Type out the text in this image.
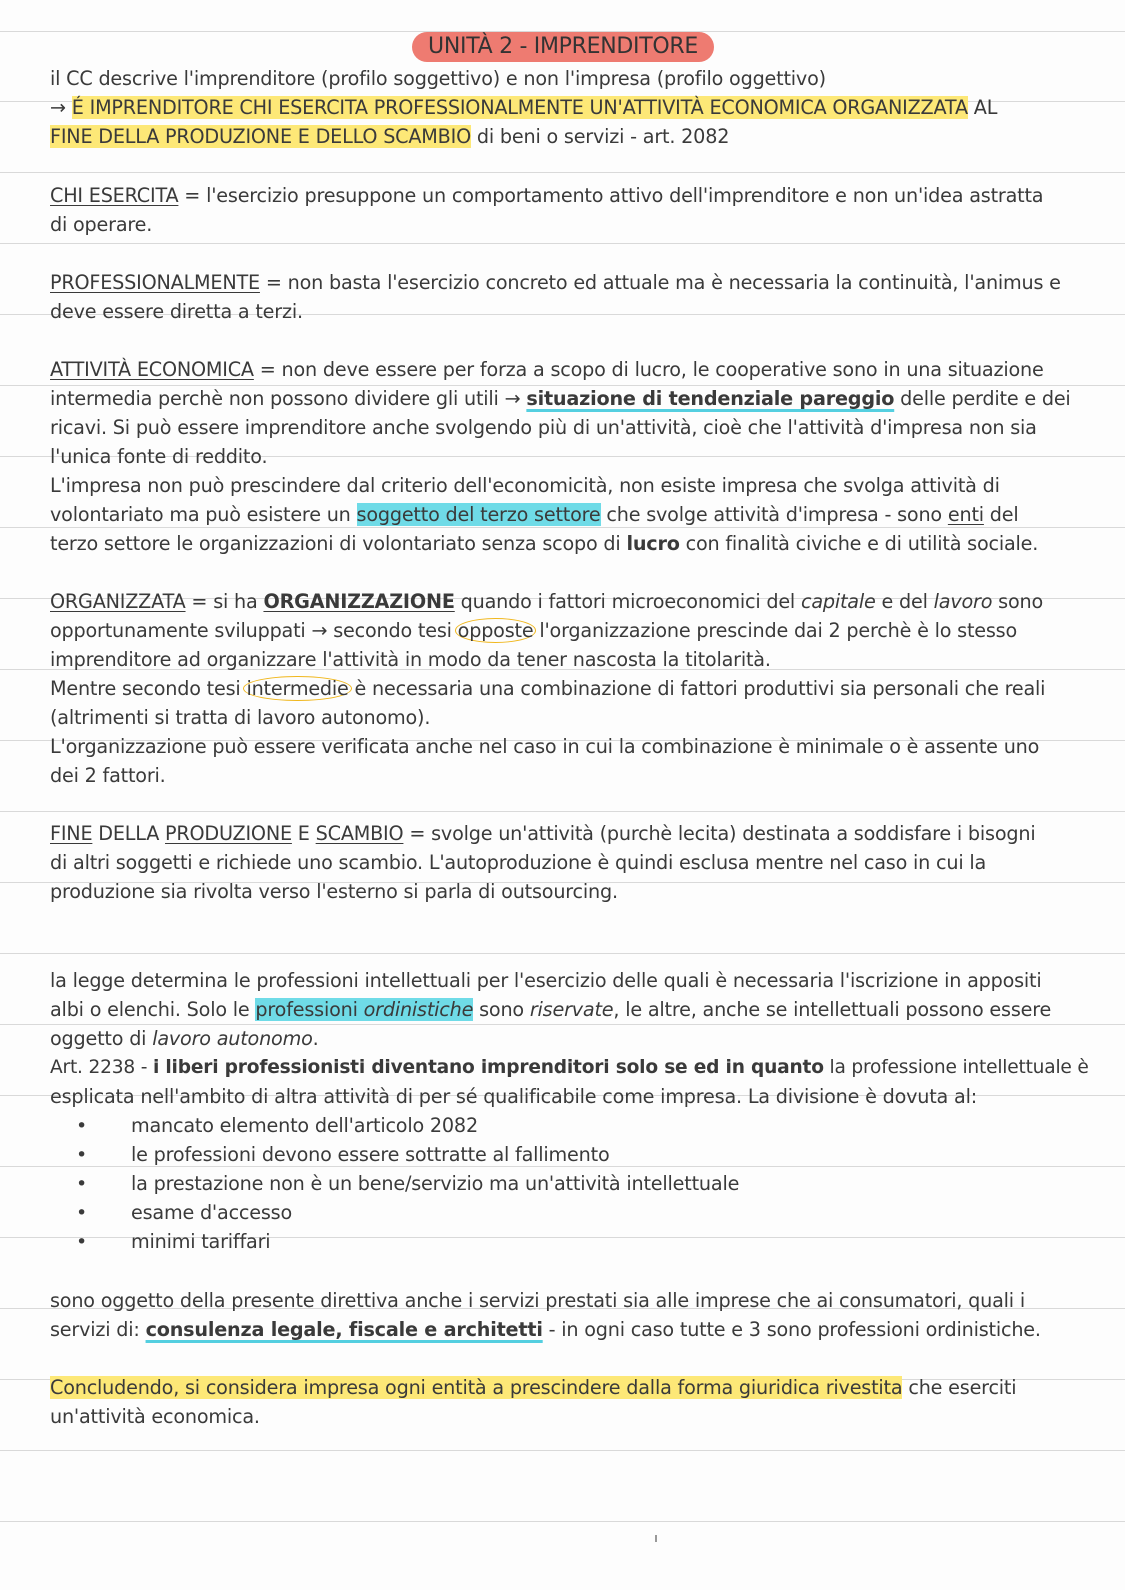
UNITÀ 2 - IMPRENDITORE
il CC descrive l'imprenditore (profilo soggettivo) e non l'impresa (profilo oggettivo)
→ É IMPRENDITORE CHI ESERCITA PROFESSIONALMENTE UN'ATTIVITÀ ECONOMICA ORGANIZZATA AL
FINE DELLA PRODUZIONE E DELLO SCAMBIO di beni o servizi - art. 2082
CHI ESERCITA = l'esercizio presuppone un comportamento attivo dell'imprenditore e non un'idea astratta
di operare.
PROFESSIONALMENTE = non basta l'esercizio concreto ed attuale ma è necessaria la continuità, l'animus e
deve essere diretta a terzi.
ATTIVITÀ ECONOMICA = non deve essere per forza a scopo di lucro, le cooperative sono in una situazione
intermedia perchè non possono dividere gli utili → situazione di tendenziale pareggio delle perdite e dei
ricavi. Si può essere imprenditore anche svolgendo più di un'attività, cioè che l'attività d'impresa non sia
l'unica fonte di reddito.
L'impresa non può prescindere dal criterio dell'economicità, non esiste impresa che svolga attività di
volontariato ma può esistere un soggetto del terzo settore che svolge attività d'impresa - sono enti del
terzo settore le organizzazioni di volontariato senza scopo di lucro con finalità civiche e di utilità sociale.
ORGANIZZATA = si ha ORGANIZZAZIONE quando i fattori microeconomici del capitale e del lavoro sono
opportunamente sviluppati → secondo tesi opposte l'organizzazione prescinde dai 2 perchè è lo stesso
imprenditore ad organizzare l'attività in modo da tener nascosta la titolarità.
Mentre secondo tesi intermedie è necessaria una combinazione di fattori produttivi sia personali che reali
(altrimenti si tratta di lavoro autonomo).
L'organizzazione può essere verificata anche nel caso in cui la combinazione è minimale o è assente uno
dei 2 fattori.
FINE DELLA PRODUZIONE E SCAMBIO = svolge un'attività (purchè lecita) destinata a soddisfare i bisogni
di altri soggetti e richiede uno scambio. L'autoproduzione è quindi esclusa mentre nel caso in cui la
produzione sia rivolta verso l'esterno si parla di outsourcing.
la legge determina le professioni intellettuali per l'esercizio delle quali è necessaria l'iscrizione in appositi
albi o elenchi. Solo le professioni ordinistiche sono riservate, le altre, anche se intellettuali possono essere
oggetto di lavoro autonomo.
Art. 2238 - i liberi professionisti diventano imprenditori solo se ed in quanto la professione intellettuale è
esplicata nell'ambito di altra attività di per sé qualificabile come impresa. La divisione è dovuta al:
• mancato elemento dell'articolo 2082
• le professioni devono essere sottratte al fallimento
• la prestazione non è un bene/servizio ma un'attività intellettuale
• esame d'accesso
• minimi tariffari
sono oggetto della presente direttiva anche i servizi prestati sia alle imprese che ai consumatori, quali i
servizi di: consulenza legale, fiscale e architetti - in ogni caso tutte e 3 sono professioni ordinistiche.
Concludendo, si considera impresa ogni entità a prescindere dalla forma giuridica rivestita che eserciti
un'attività economica.
